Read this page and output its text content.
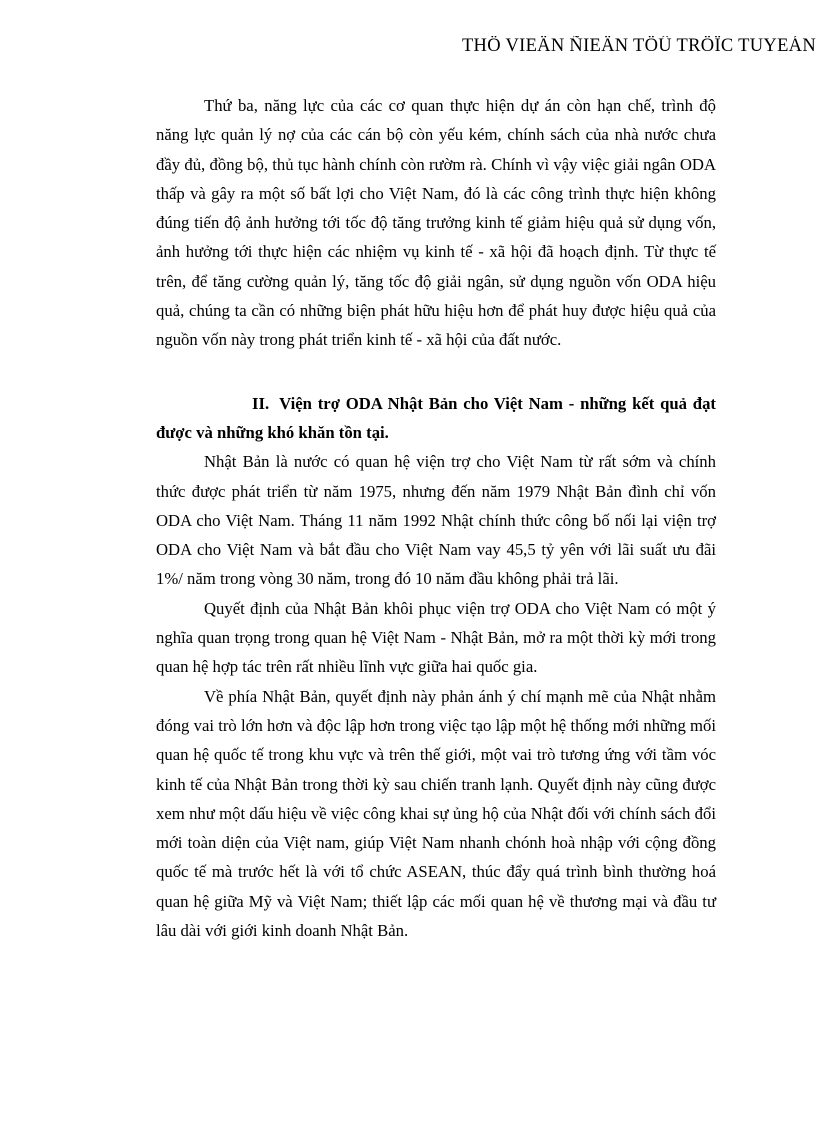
THÖ VIEÄN ÑIEÄN TÖÛ TRÖÏC TUYEÁN

Thứ ba, năng lực của các cơ quan thực hiện dự án còn hạn chế, trình độ năng lực quản lý nợ của các cán bộ còn yếu kém, chính sách của nhà nước chưa đầy đủ, đồng bộ, thủ tục hành chính còn rườm rà. Chính vì vậy việc giải ngân ODA thấp và gây ra một số bất lợi cho Việt Nam, đó là các công trình thực hiện không đúng tiến độ ảnh hưởng tới tốc độ tăng trưởng kinh tế giảm hiệu quả sử dụng vốn, ảnh hưởng tới thực hiện các nhiệm vụ kinh tế - xã hội đã hoạch định. Từ thực tế trên, để tăng cường quản lý, tăng tốc độ giải ngân, sử dụng nguồn vốn ODA hiệu quả, chúng ta cần có những biện phát hữu hiệu hơn để phát huy được hiệu quả của nguồn vốn này trong phát triển kinh tế - xã hội của đất nước.

II. Viện trợ ODA Nhật Bản cho Việt Nam - những kết quả đạt được và những khó khăn tồn tại.

Nhật Bản là nước có quan hệ viện trợ cho Việt Nam từ rất sớm và chính thức được phát triển từ năm 1975, nhưng đến năm 1979 Nhật Bản đình chỉ vốn ODA cho Việt Nam. Tháng 11 năm 1992 Nhật chính thức công bố nối lại viện trợ ODA cho Việt Nam và bắt đầu cho Việt Nam vay 45,5 tỷ yên với lãi suất ưu đãi 1%/ năm trong vòng 30 năm, trong đó 10 năm đầu không phải trả lãi.

Quyết định của Nhật Bản khôi phục viện trợ ODA cho Việt Nam có một ý nghĩa quan trọng trong quan hệ Việt Nam - Nhật Bản, mở ra một thời kỳ mới trong quan hệ hợp tác trên rất nhiều lĩnh vực giữa hai quốc gia.

Về phía Nhật Bản, quyết định này phản ánh ý chí mạnh mẽ của Nhật nhằm đóng vai trò lớn hơn và độc lập hơn trong việc tạo lập một hệ thống mới những mối quan hệ quốc tế trong khu vực và trên thế giới, một vai trò tương ứng với tầm vóc kinh tế của Nhật Bản trong thời kỳ sau chiến tranh lạnh. Quyết định này cũng được xem như một dấu hiệu về việc công khai sự ủng hộ của Nhật đối với chính sách đổi mới toàn diện của Việt nam, giúp Việt Nam nhanh chónh hoà nhập với cộng đồng quốc tế mà trước hết là với tổ chức ASEAN, thúc đẩy quá trình bình thường hoá quan hệ giữa Mỹ và Việt Nam; thiết lập các mối quan hệ về thương mại và đầu tư lâu dài với giới kinh doanh Nhật Bản.
